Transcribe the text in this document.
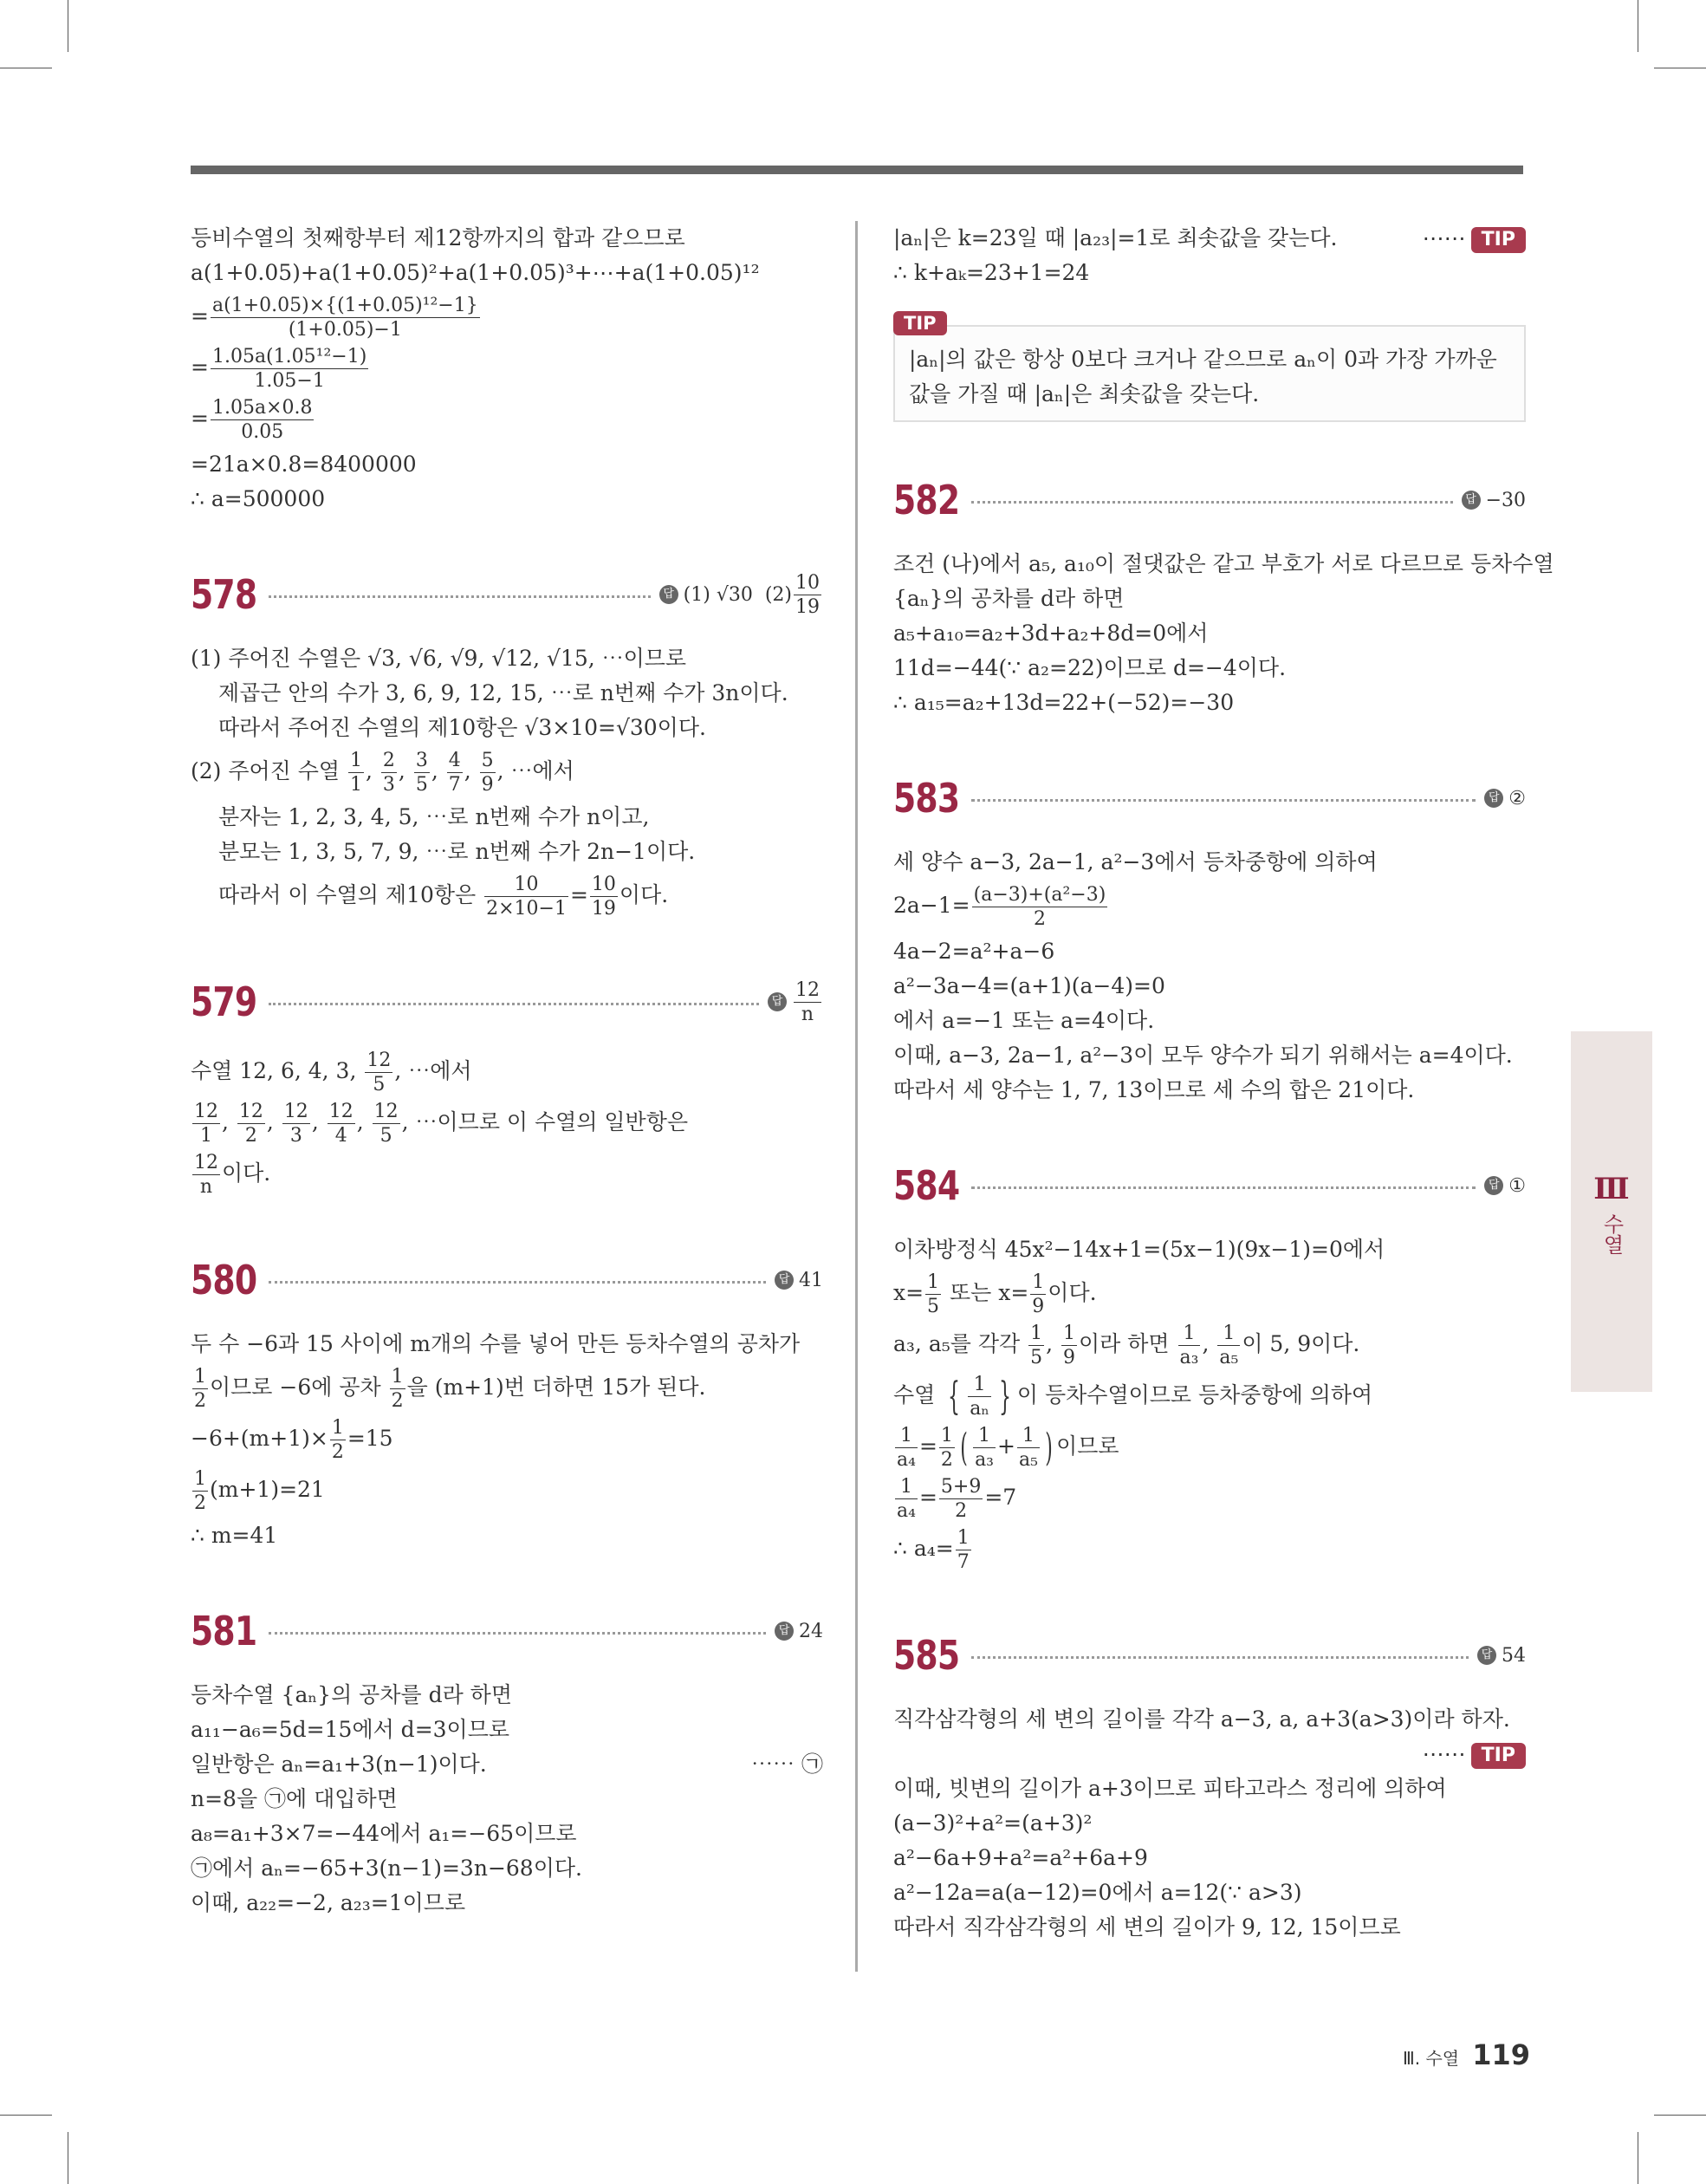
등비수열의 첫째항부터 제12항까지의 합과 같으므로
a(1+0.05)+a(1+0.05)²+a(1+0.05)³+⋯+a(1+0.05)¹²
= $\frac{\text{a(1+0.05)×\{(1+0.05)¹²−1\}}}{(1+0.05)-1}$
= $\frac{\text{1.05a(1.05¹²−1)}}{1.05-1}$
= $\frac{1.05a\times 0.8}{0.05}$
=21a×0.8=8400000
∴ a=500000
578	답 (1) √30
$(2) \frac{10}{19}$
(1) 주어진 수열은 √3, √6, √9, √12, √15, ⋯이므로
제곱근 안의 수가 3, 6, 9, 12, 15, ⋯로 n번째 수가 3n이다.
따라서 주어진 수열의 제10항은 √3×10=√30이다.
(2) 주어진 수열 $\frac{1}{1}$ , $\frac{2}{3}$ , $\frac{3}{5}$ , $\frac{4}{7}$ , $\frac{5}{9}$ , ⋯에서
분자는 1, 2, 3, 4, 5, ⋯로 n번째 수가 n이고,
분모는 1, 3, 5, 7, 9, ⋯로 n번째 수가 2n−1이다.
따라서 이 수열의 제10항은 $\frac{10}{2\times 10-1} = \frac{10}{19}$ 이다.
579	답 $\frac{12}{n}$
수열 12, 6, 4, 3, $\frac{12}{5}$ , ⋯에서
$\frac{12}{1}$ , $\frac{12}{2}$ , $\frac{12}{3}$ , $\frac{12}{4}$ , $\frac{12}{5}$ , ⋯이므로 이 수열의 일반항은
$\frac{12}{n}$ 이다.
580	답 41
두 수 −6과 15 사이에 m개의 수를 넣어 만든 등차수열의 공차가
$\frac{1}{2}$ 이므로 −6에 공차 $\frac{1}{2}$ 을 (m+1)번 더하면 15가 된다.
$-6+(m+1)\times \frac{1}{2} =15$
$\frac{1}{2} (m+1)=21$
∴ m=41
581	답 24
등차수열 {aₙ}의 공차를 d라 하면
a₁₁−a₆=5d=15에서 d=3이므로
일반항은 aₙ=a₁+3(n−1)이다.	⋯⋯ ㉠
n=8을 ㉠에 대입하면
a₈=a₁+3×7=−44에서 a₁=−65이므로
㉠에서 aₙ=−65+3(n−1)=3n−68이다.
이때, a₂₂=−2, a₂₃=1이므로
|aₙ|은 k=23일 때 |a₂₃|=1로 최솟값을 갖는다.	⋯⋯ TIP
∴ k+aₖ=23+1=24
TIP
|aₙ|의 값은 항상 0보다 크거나 같으므로 aₙ이 0과 가장 가까운
값을 가질 때 |aₙ|은 최솟값을 갖는다.
582	답 −30
조건 (나)에서 a₅, a₁₀이 절댓값은 같고 부호가 서로 다르므로 등차수열
{aₙ}의 공차를 d라 하면
a₅+a₁₀=a₂+3d+a₂+8d=0에서
11d=−44(∵ a₂=22)이므로 d=−4이다.
∴ a₁₅=a₂+13d=22+(−52)=−30
583	답 ②
세 양수 a−3, 2a−1, a²−3에서 등차중항에 의하여
$2a-1= \frac{\text{(a−3)+(a²−3)}}{2}$
4a−2=a²+a−6
a²−3a−4=(a+1)(a−4)=0
에서 a=−1 또는 a=4이다.
이때, a−3, 2a−1, a²−3이 모두 양수가 되기 위해서는 a=4이다.
따라서 세 양수는 1, 7, 13이므로 세 수의 합은 21이다.
584	답 ①
이차방정식 45x²−14x+1=(5x−1)(9x−1)=0에서
$x= \frac{1}{5}$ 또는 $x= \frac{1}{9}$ 이다.
a₃, a₅를 각각 $\frac{1}{5}$ , $\frac{1}{9}$ 이라 하면 $\frac{1}{\text{a₃}}$ , $\frac{1}{\text{a₅}}$ 이 5, 9이다.
수열 { $\frac{1}{\text{aₙ}}$ } 이 등차수열이므로 등차중항에 의하여
$\frac{1}{\text{a₄}} = \frac{1}{2}$ ( $\frac{1}{\text{a₃}} + \frac{1}{\text{a₅}}$ ) 이므로
$\frac{1}{\text{a₄}} = \frac{5+9}{2} =7$
∴ $a_4= \frac{1}{7}$
585	답 54
직각삼각형의 세 변의 길이를 각각 a−3, a, a+3(a>3)이라 하자.
⋯⋯ TIP
이때, 빗변의 길이가 a+3이므로 피타고라스 정리에 의하여
(a−3)²+a²=(a+3)²
a²−6a+9+a²=a²+6a+9
a²−12a=a(a−12)=0에서 a=12(∵ a>3)
따라서 직각삼각형의 세 변의 길이가 9, 12, 15이므로
Ⅲ
수열
Ⅲ. 수열 119
